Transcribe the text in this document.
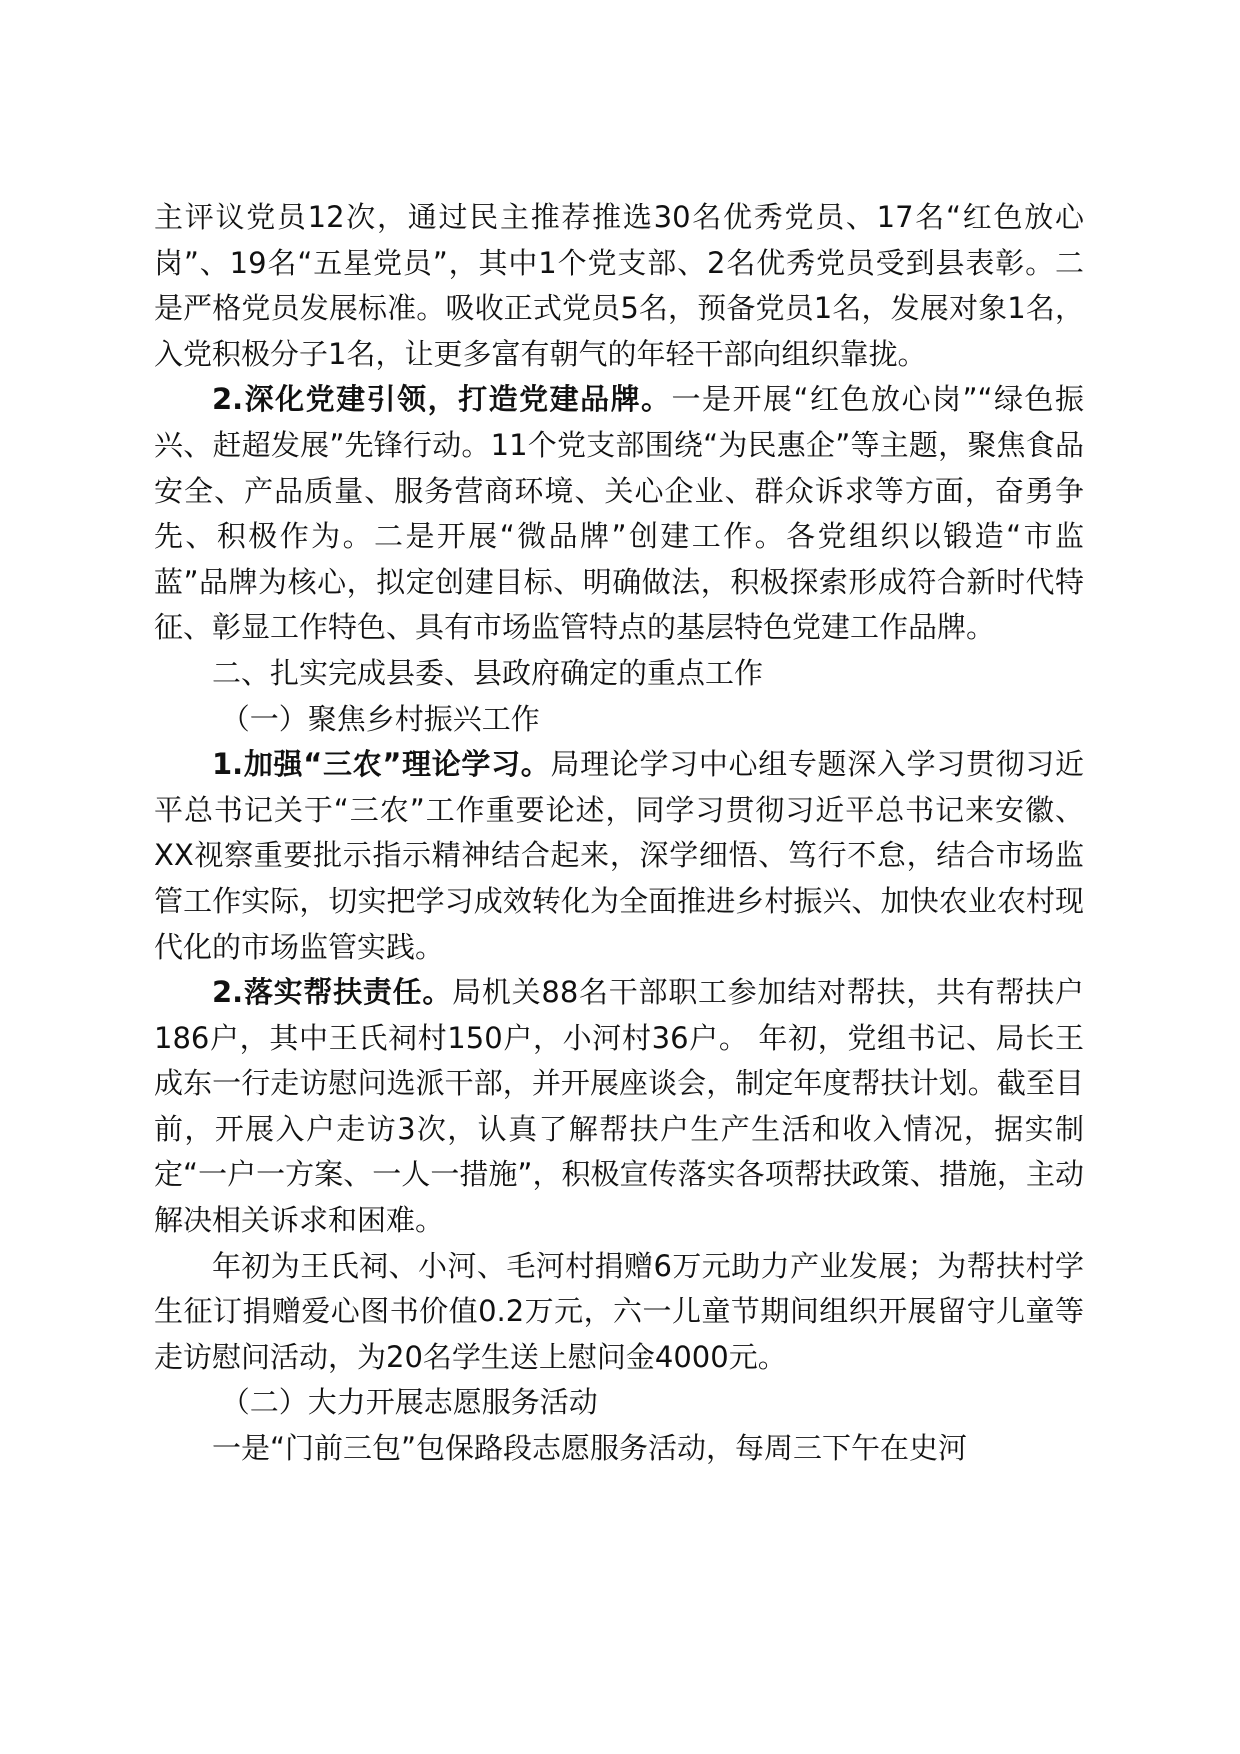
主评议党员12次，通过民主推荐推选30名优秀党员、17名“红色放心岗”、19名“五星党员”，其中1个党支部、2名优秀党员受到县表彰。二是严格党员发展标准。吸收正式党员5名，预备党员1名，发展对象1名，入党积极分子1名，让更多富有朝气的年轻干部向组织靠拢。

2.深化党建引领，打造党建品牌。一是开展“红色放心岗”“绿色振兴、赶超发展”先锋行动。11个党支部围绕“为民惠企”等主题，聚焦食品安全、产品质量、服务营商环境、关心企业、群众诉求等方面，奋勇争先、积极作为。二是开展“微品牌”创建工作。各党组织以锻造“市监蓝”品牌为核心，拟定创建目标、明确做法，积极探索形成符合新时代特征、彰显工作特色、具有市场监管特点的基层特色党建工作品牌。

二、扎实完成县委、县政府确定的重点工作

（一）聚焦乡村振兴工作

1.加强“三农”理论学习。局理论学习中心组专题深入学习贯彻习近平总书记关于“三农”工作重要论述，同学习贯彻习近平总书记来安徽、XX视察重要批示指示精神结合起来，深学细悟、笃行不怠，结合市场监管工作实际，切实把学习成效转化为全面推进乡村振兴、加快农业农村现代化的市场监管实践。

2.落实帮扶责任。局机关88名干部职工参加结对帮扶，共有帮扶户186户，其中王氏祠村150户，小河村36户。 年初，党组书记、局长王成东一行走访慰问选派干部，并开展座谈会，制定年度帮扶计划。截至目前，开展入户走访3次，认真了解帮扶户生产生活和收入情况，据实制定“一户一方案、一人一措施”，积极宣传落实各项帮扶政策、措施，主动解决相关诉求和困难。

年初为王氏祠、小河、毛河村捐赠6万元助力产业发展；为帮扶村学生征订捐赠爱心图书价值0.2万元，六一儿童节期间组织开展留守儿童等走访慰问活动，为20名学生送上慰问金4000元。

（二）大力开展志愿服务活动

一是“门前三包”包保路段志愿服务活动，每周三下午在史河
